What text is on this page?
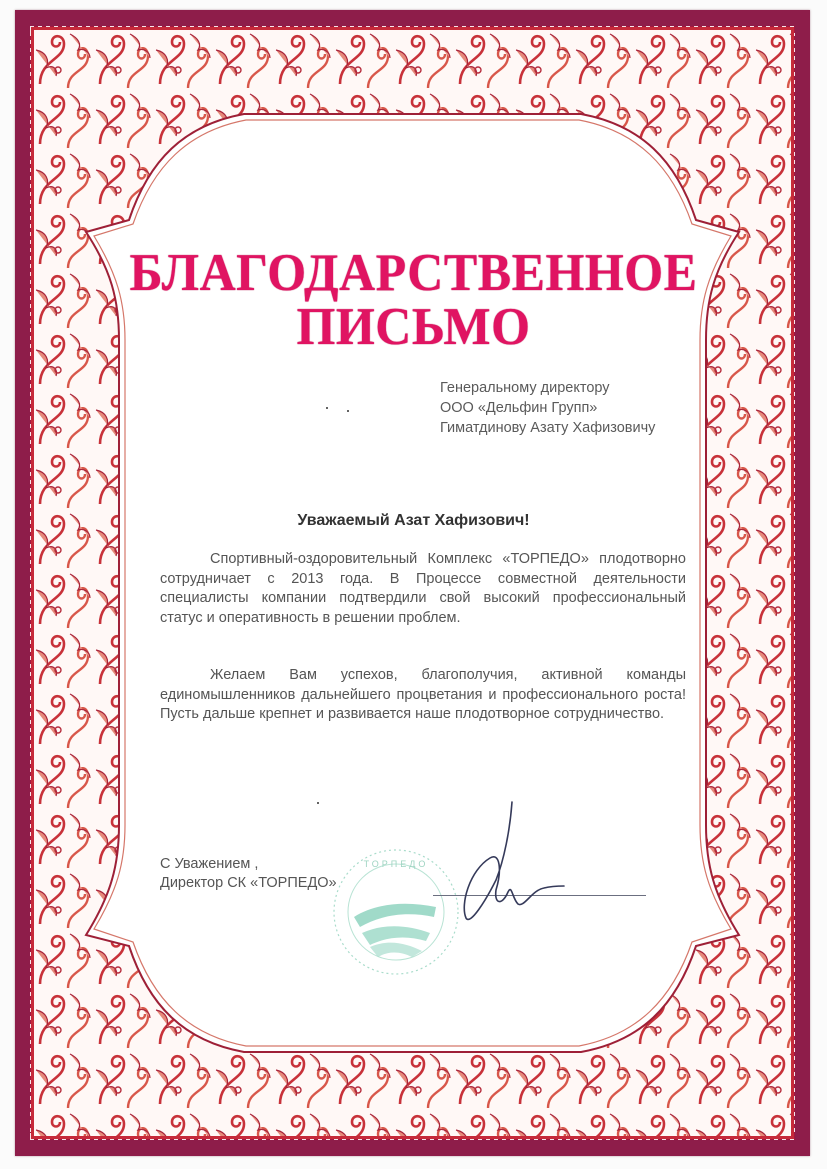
БЛАГОДАРСТВЕННОЕ
ПИСЬМО
Генеральному директору
ООО «Дельфин Групп»
Гиматдинову Азату Хафизовичу
Уважаемый Азат Хафизович!

Спортивный-оздоровительный Комплекс «ТОРПЕДО» плодотворно сотрудничает с 2013 года. В Процессе совместной деятельности специалисты компании подтвердили свой высокий профессиональный статус и оперативность в решении проблем.

Желаем Вам успехов, благополучия, активной команды единомышленников дальнейшего процветания и профессионального роста! Пусть дальше крепнет и развивается наше плодотворное сотрудничество.

ТОРПЕДО
С Уважением ,
Директор СК «ТОРПЕДО»
